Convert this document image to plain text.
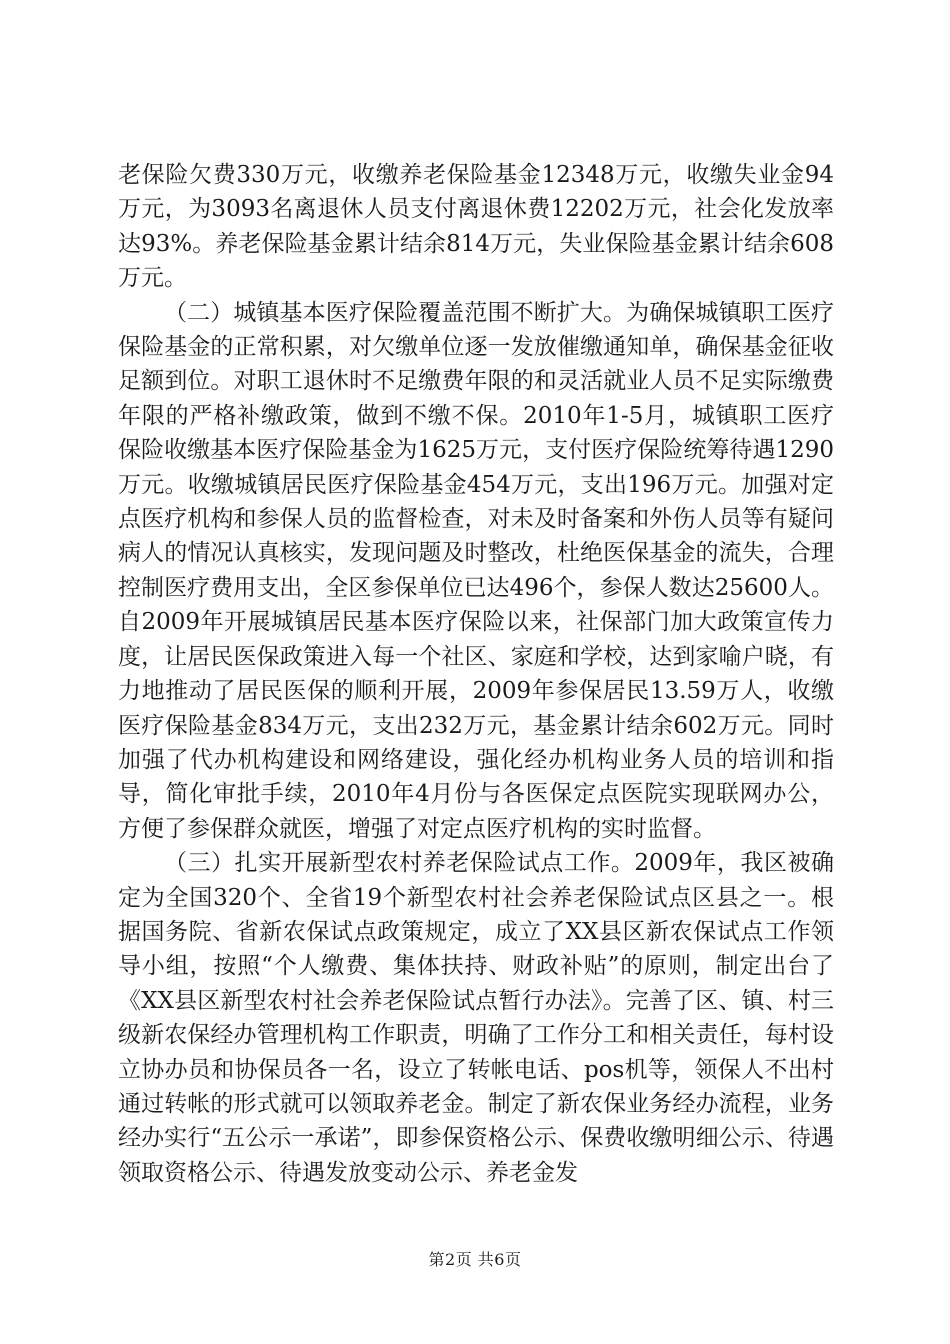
老保险欠费330万元，收缴养老保险基金12348万元，收缴失业金94万元，为3093名离退休人员支付离退休费12202万元，社会化发放率达93%。养老保险基金累计结余814万元，失业保险基金累计结余608万元。

（二）城镇基本医疗保险覆盖范围不断扩大。为确保城镇职工医疗保险基金的正常积累，对欠缴单位逐一发放催缴通知单，确保基金征收足额到位。对职工退休时不足缴费年限的和灵活就业人员不足实际缴费年限的严格补缴政策，做到不缴不保。2010年1-5月，城镇职工医疗保险收缴基本医疗保险基金为1625万元，支付医疗保险统筹待遇1290万元。收缴城镇居民医疗保险基金454万元，支出196万元。加强对定点医疗机构和参保人员的监督检查，对未及时备案和外伤人员等有疑问病人的情况认真核实，发现问题及时整改，杜绝医保基金的流失，合理控制医疗费用支出，全区参保单位已达496个，参保人数达25600人。自2009年开展城镇居民基本医疗保险以来，社保部门加大政策宣传力度，让居民医保政策进入每一个社区、家庭和学校，达到家喻户晓，有力地推动了居民医保的顺利开展，2009年参保居民13.59万人，收缴医疗保险基金834万元，支出232万元，基金累计结余602万元。同时加强了代办机构建设和网络建设，强化经办机构业务人员的培训和指导，简化审批手续，2010年4月份与各医保定点医院实现联网办公，方便了参保群众就医，增强了对定点医疗机构的实时监督。

（三）扎实开展新型农村养老保险试点工作。2009年，我区被确定为全国320个、全省19个新型农村社会养老保险试点区县之一。根据国务院、省新农保试点政策规定，成立了XX县区新农保试点工作领导小组，按照“个人缴费、集体扶持、财政补贴”的原则，制定出台了《XX县区新型农村社会养老保险试点暂行办法》。完善了区、镇、村三级新农保经办管理机构工作职责，明确了工作分工和相关责任，每村设立协办员和协保员各一名，设立了转帐电话、pos机等，领保人不出村通过转帐的形式就可以领取养老金。制定了新农保业务经办流程，业务经办实行“五公示一承诺”，即参保资格公示、保费收缴明细公示、待遇领取资格公示、待遇发放变动公示、养老金发

第2页 共6页
